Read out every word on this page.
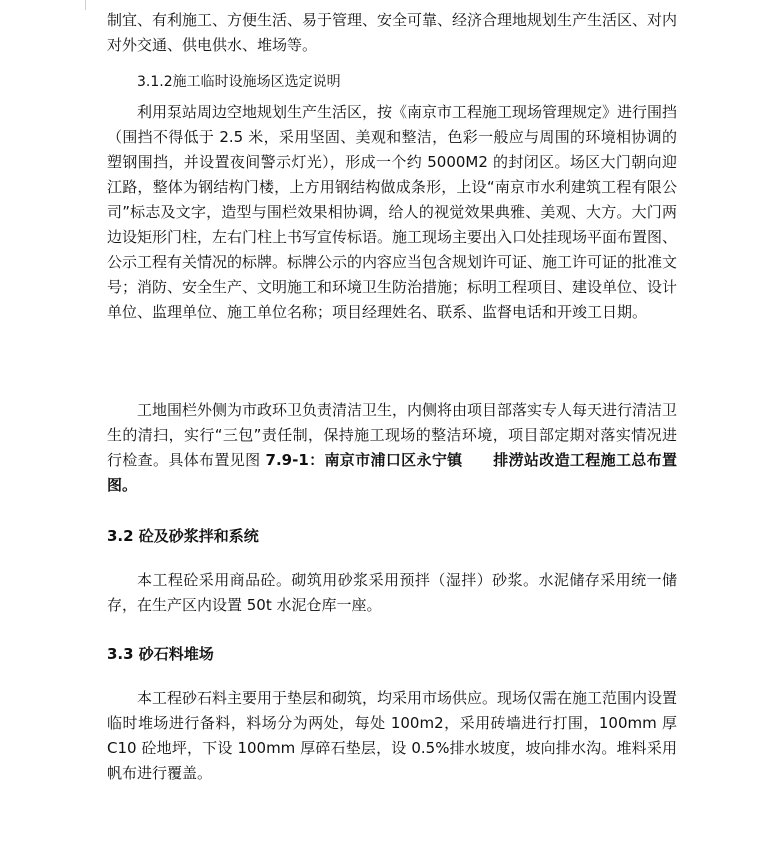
制宜、有利施工、方便生活、易于管理、安全可靠、经济合理地规划生产生活区、对内对外交通、供电供水、堆场等。

3.1.2施工临时设施场区选定说明

利用泵站周边空地规划生产生活区，按《南京市工程施工现场管理规定》进行围挡（围挡不得低于 2.5 米，采用坚固、美观和整洁，色彩一般应与周围的环境相协调的塑钢围挡，并设置夜间警示灯光），形成一个约 5000M2 的封闭区。场区大门朝向迎江路，整体为钢结构门楼，上方用钢结构做成条形，上设“南京市水利建筑工程有限公司”标志及文字，造型与围栏效果相协调，给人的视觉效果典雅、美观、大方。大门两边设矩形门柱，左右门柱上书写宣传标语。施工现场主要出入口处挂现场平面布置图、公示工程有关情况的标牌。标牌公示的内容应当包含规划许可证、施工许可证的批准文号；消防、安全生产、文明施工和环境卫生防治措施；标明工程项目、建设单位、设计单位、监理单位、施工单位名称；项目经理姓名、联系、监督电话和开竣工日期。

工地围栏外侧为市政环卫负责清洁卫生，内侧将由项目部落实专人每天进行清洁卫生的清扫，实行“三包”责任制，保持施工现场的整洁环境，项目部定期对落实情况进行检查。具体布置见图 7.9-1：南京市浦口区永宁镇　　排涝站改造工程施工总布置图。

3.2 砼及砂浆拌和系统

本工程砼采用商品砼。砌筑用砂浆采用预拌（湿拌）砂浆。水泥储存采用统一储存，在生产区内设置 50t 水泥仓库一座。

3.3 砂石料堆场

本工程砂石料主要用于垫层和砌筑，均采用市场供应。现场仅需在施工范围内设置临时堆场进行备料，料场分为两处，每处 100m2，采用砖墙进行打围，100mm 厚 C10 砼地坪，下设 100mm 厚碎石垫层，设 0.5%排水坡度，坡向排水沟。堆料采用帆布进行覆盖。
